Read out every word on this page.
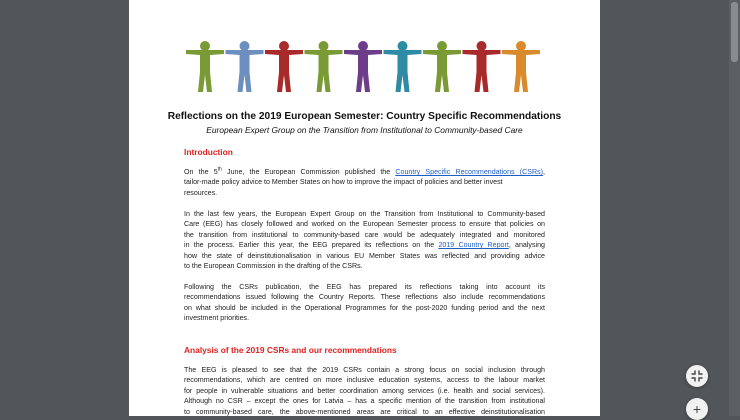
Reflections on the 2019 European Semester: Country Specific Recommendations
European Expert Group on the Transition from Institutional to Community-based Care
Introduction
On the 5th June, the European Commission published the Country Specific Recommendations (CSRs),
tailor-made policy advice to Member States on how to improve the impact of policies and better invest
resources.
In the last few years, the European Expert Group on the Transition from Institutional to Community-based
Care (EEG) has closely followed and worked on the European Semester process to ensure that policies on
the transition from institutional to community-based care would be adequately integrated and monitored
in the process. Earlier this year, the EEG prepared its reflections on the 2019 Country Report, analysing
how the state of deinstitutionalisation in various EU Member States was reflected and providing advice
to the European Commission in the drafting of the CSRs.
Following the CSRs publication, the EEG has prepared its reflections taking into account its
recommendations issued following the Country Reports. These reflections also include recommendations
on what should be included in the Operational Programmes for the post-2020 funding period and the next
investment priorities.
Analysis of the 2019 CSRs and our recommendations
The EEG is pleased to see that the 2019 CSRs contain a strong focus on social inclusion through
recommendations, which are centred on more inclusive education systems, access to the labour market
for people in vulnerable situations and better coordination among services (i.e. health and social services).
Although no CSR – except the ones for Latvia – has a specific mention of the transition from institutional
to community-based care, the above-mentioned areas are critical to an effective deinstitutionalisation	+
